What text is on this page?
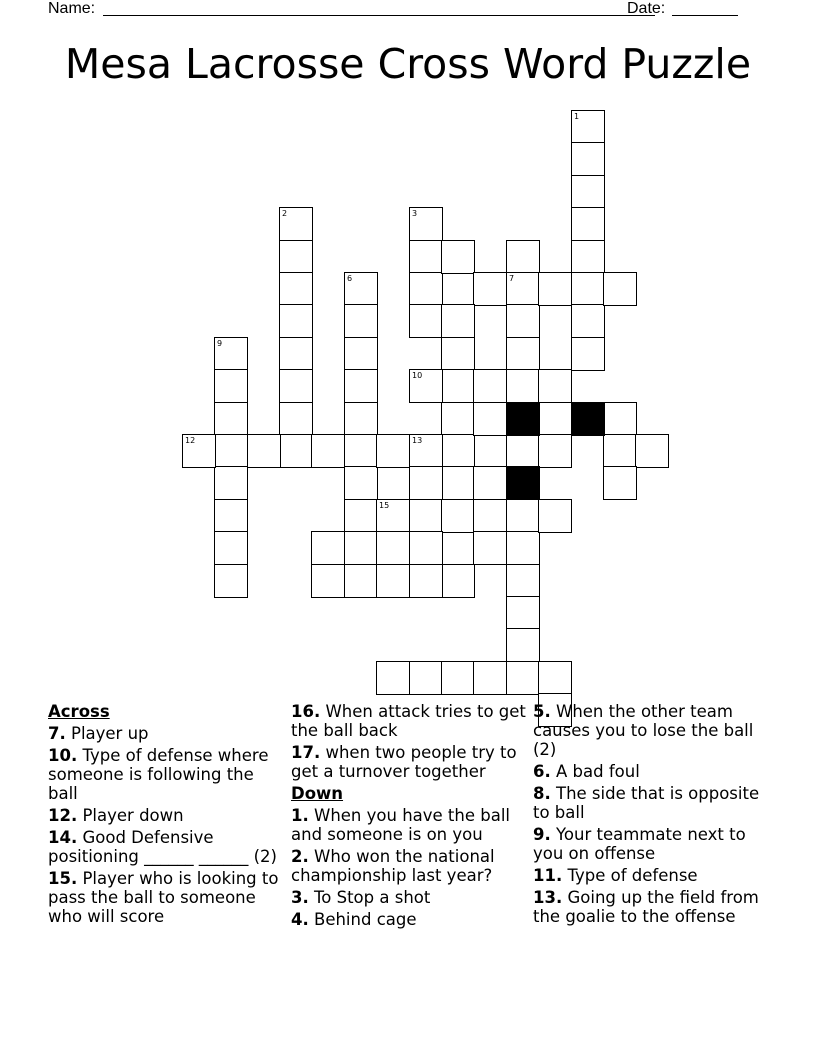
Name:	Date:
Mesa Lacrosse Cross Word Puzzle
1
2	3
7
6
9
10
12	13
15
Across
7. Player up
10. Type of defense where someone is following the ball
12. Player down
14. Good Defensive positioning ______ ______ (2)
15. Player who is looking to pass the ball to someone who will score
16. When attack tries to get the ball back
17. when two people try to get a turnover together
Down
1. When you have the ball and someone is on you
2. Who won the national championship last year?
3. To Stop a shot
4. Behind cage
5. When the other team causes you to lose the ball (2)
6. A bad foul
8. The side that is opposite to ball
9. Your teammate next to you on offense
11. Type of defense
13. Going up the field from the goalie to the offense
